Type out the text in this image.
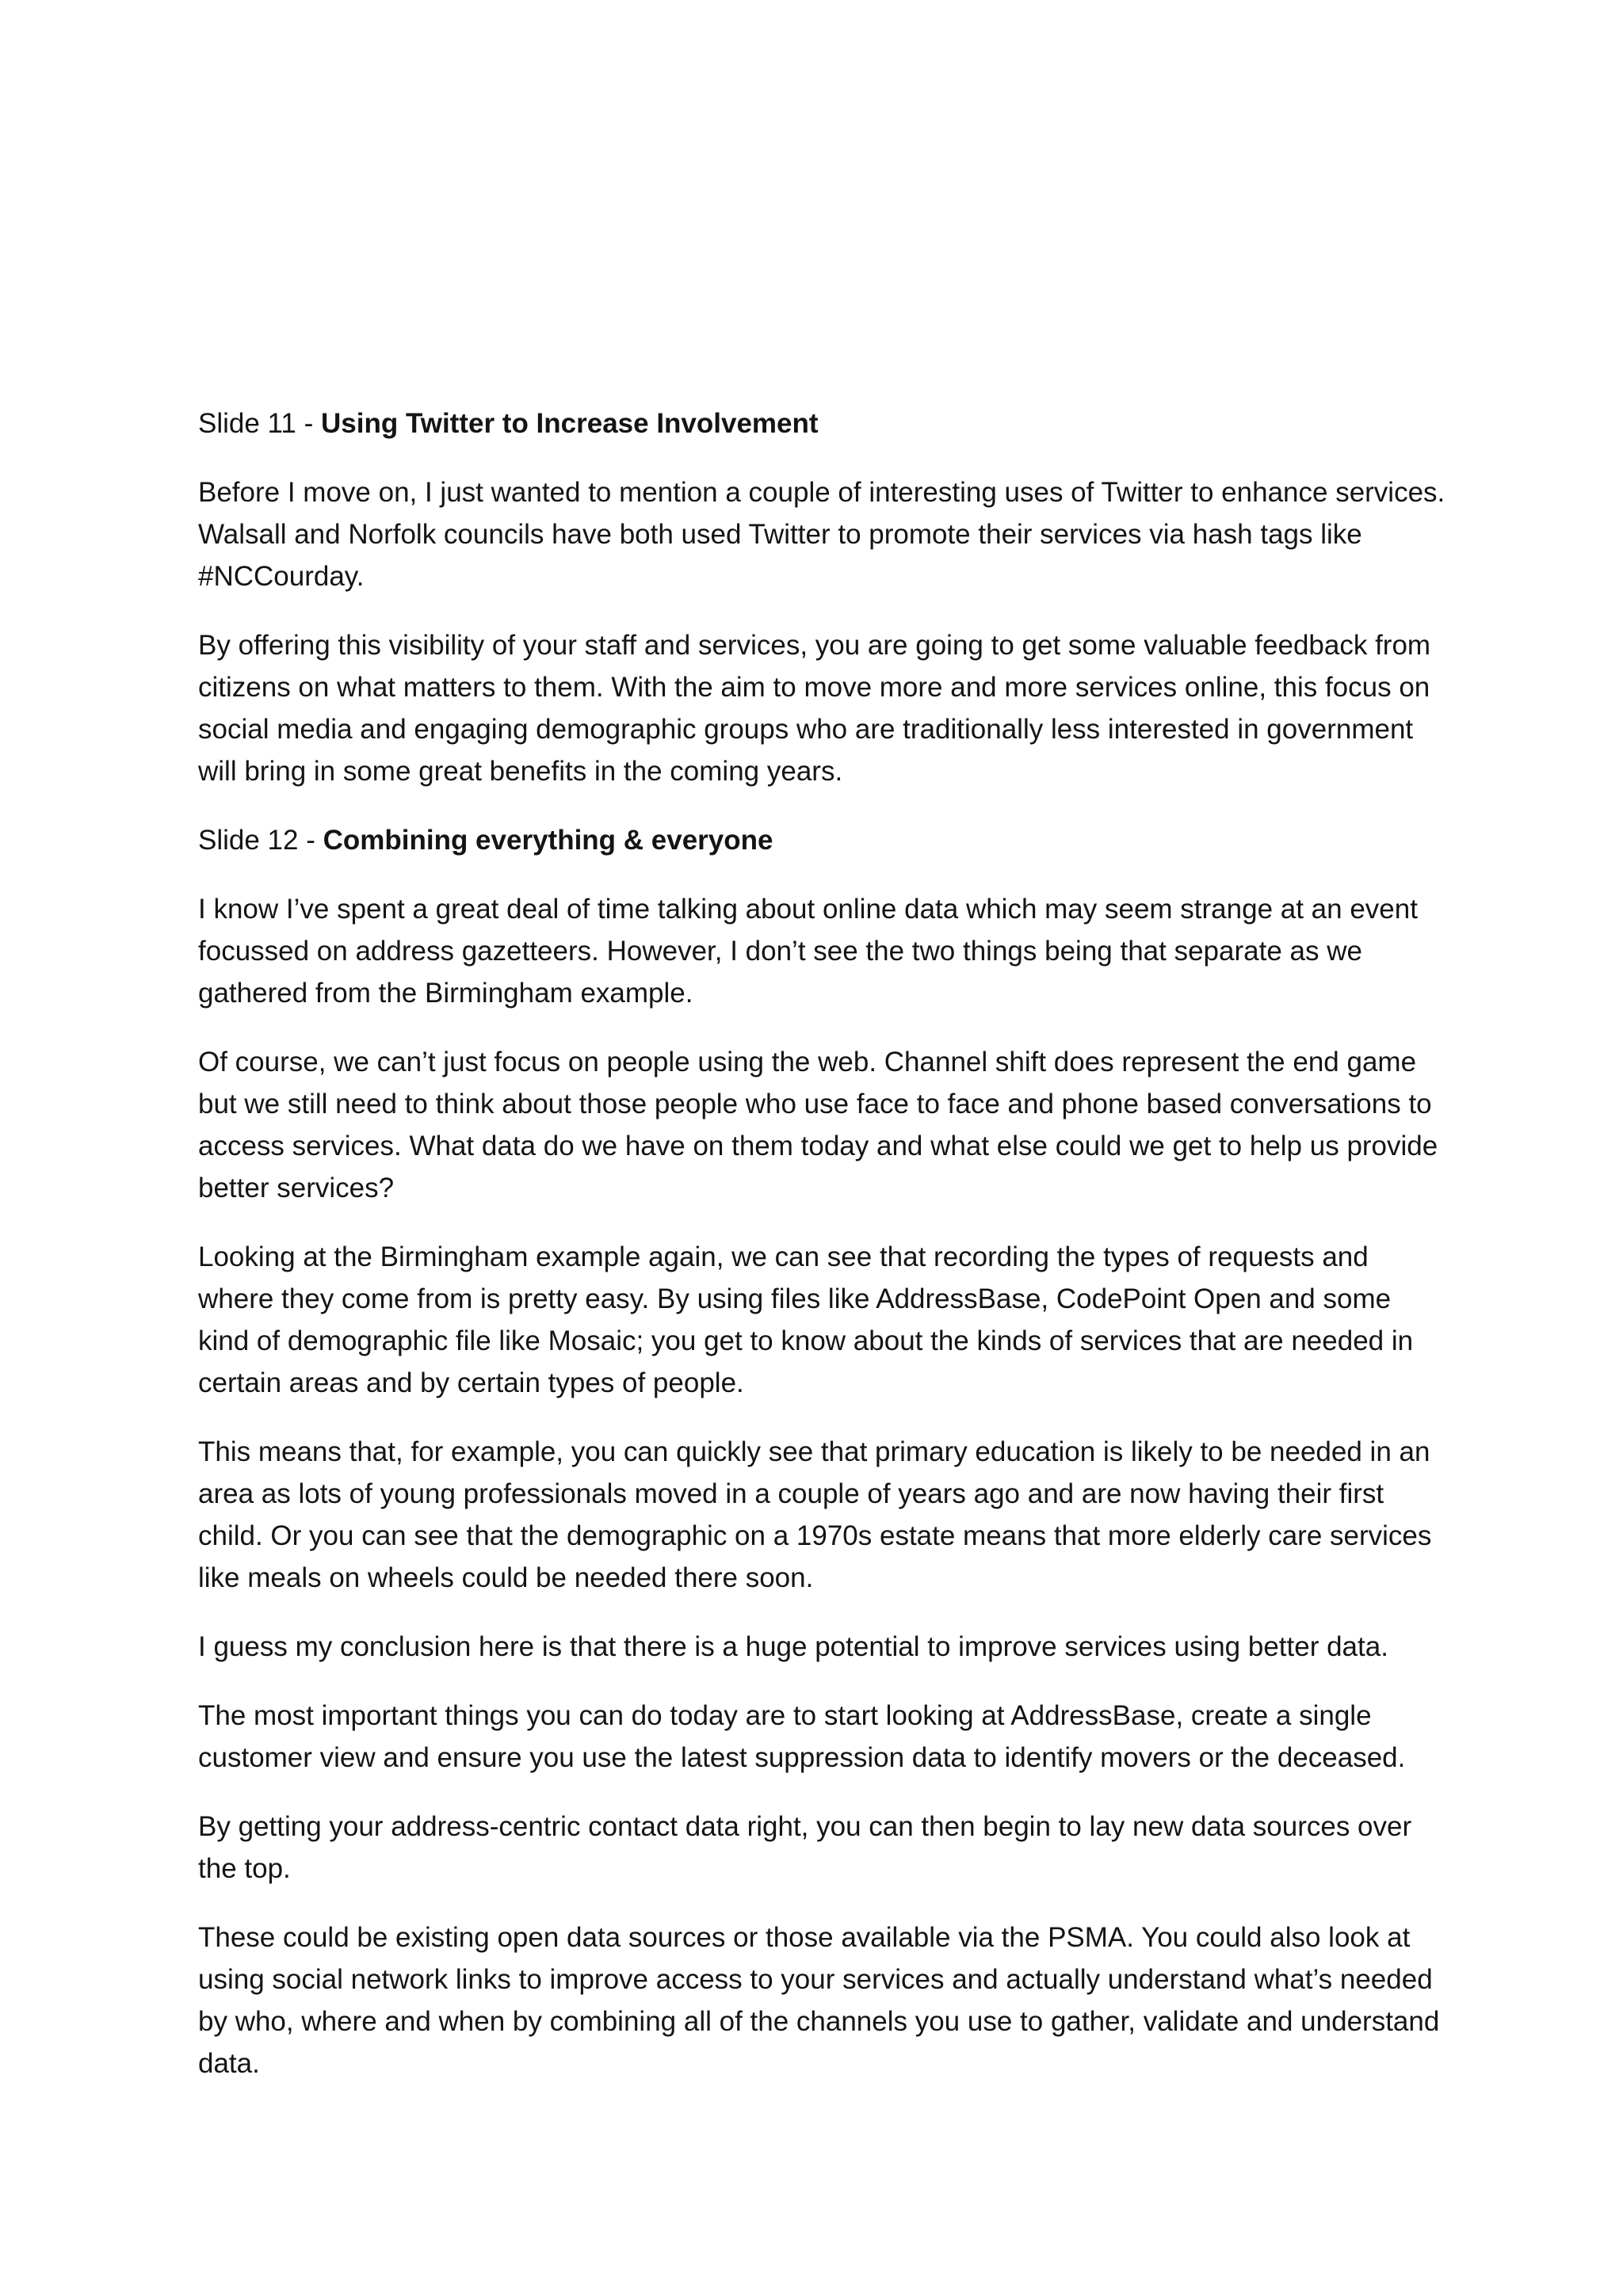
Slide 11 - Using Twitter to Increase Involvement

Before I move on, I just wanted to mention a couple of interesting uses of Twitter to enhance services. Walsall and Norfolk councils have both used Twitter to promote their services via hash tags like #NCCourday.

By offering this visibility of your staff and services, you are going to get some valuable feedback from citizens on what matters to them. With the aim to move more and more services online, this focus on social media and engaging demographic groups who are traditionally less interested in government will bring in some great benefits in the coming years.

Slide 12 - Combining everything & everyone

I know I’ve spent a great deal of time talking about online data which may seem strange at an event focussed on address gazetteers. However, I don’t see the two things being that separate as we gathered from the Birmingham example.

Of course, we can’t just focus on people using the web. Channel shift does represent the end game but we still need to think about those people who use face to face and phone based conversations to access services. What data do we have on them today and what else could we get to help us provide better services?

Looking at the Birmingham example again, we can see that recording the types of requests and where they come from is pretty easy. By using files like AddressBase, CodePoint Open and some kind of demographic file like Mosaic; you get to know about the kinds of services that are needed in certain areas and by certain types of people.

This means that, for example, you can quickly see that primary education is likely to be needed in an area as lots of young professionals moved in a couple of years ago and are now having their first child. Or you can see that the demographic on a 1970s estate means that more elderly care services like meals on wheels could be needed there soon.

I guess my conclusion here is that there is a huge potential to improve services using better data.

The most important things you can do today are to start looking at AddressBase, create a single customer view and ensure you use the latest suppression data to identify movers or the deceased.

By getting your address-centric contact data right, you can then begin to lay new data sources over the top.

These could be existing open data sources or those available via the PSMA. You could also look at using social network links to improve access to your services and actually understand what’s needed by who, where and when by combining all of the channels you use to gather, validate and understand data.
